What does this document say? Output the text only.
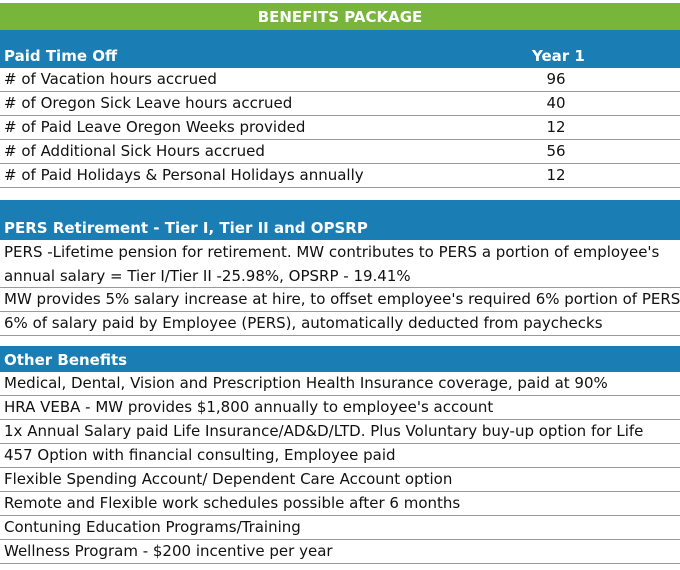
BENEFITS PACKAGE
Paid Time Off	Year 1
# of Vacation hours accrued	96
# of Oregon Sick Leave hours accrued	40
# of Paid Leave Oregon Weeks provided	12
# of Additional Sick Hours accrued	56
# of Paid Holidays & Personal Holidays annually	12
PERS Retirement - Tier I, Tier II and OPSRP
PERS -Lifetime pension for retirement. MW contributes to PERS a portion of employee's annual salary = Tier I/Tier II -25.98%, OPSRP - 19.41%
MW provides 5% salary increase at hire, to offset employee's required 6% portion of PERS
6% of salary paid by Employee (PERS), automatically deducted from paychecks
Other Benefits
Medical, Dental, Vision and Prescription Health Insurance coverage, paid at 90%
HRA VEBA - MW provides $1,800 annually to employee's account
1x Annual Salary paid Life Insurance/AD&D/LTD. Plus Voluntary buy-up option for Life
457 Option with financial consulting, Employee paid
Flexible Spending Account/ Dependent Care Account option
Remote and Flexible work schedules possible after 6 months
Contuning Education Programs/Training
Wellness Program - $200 incentive per year
